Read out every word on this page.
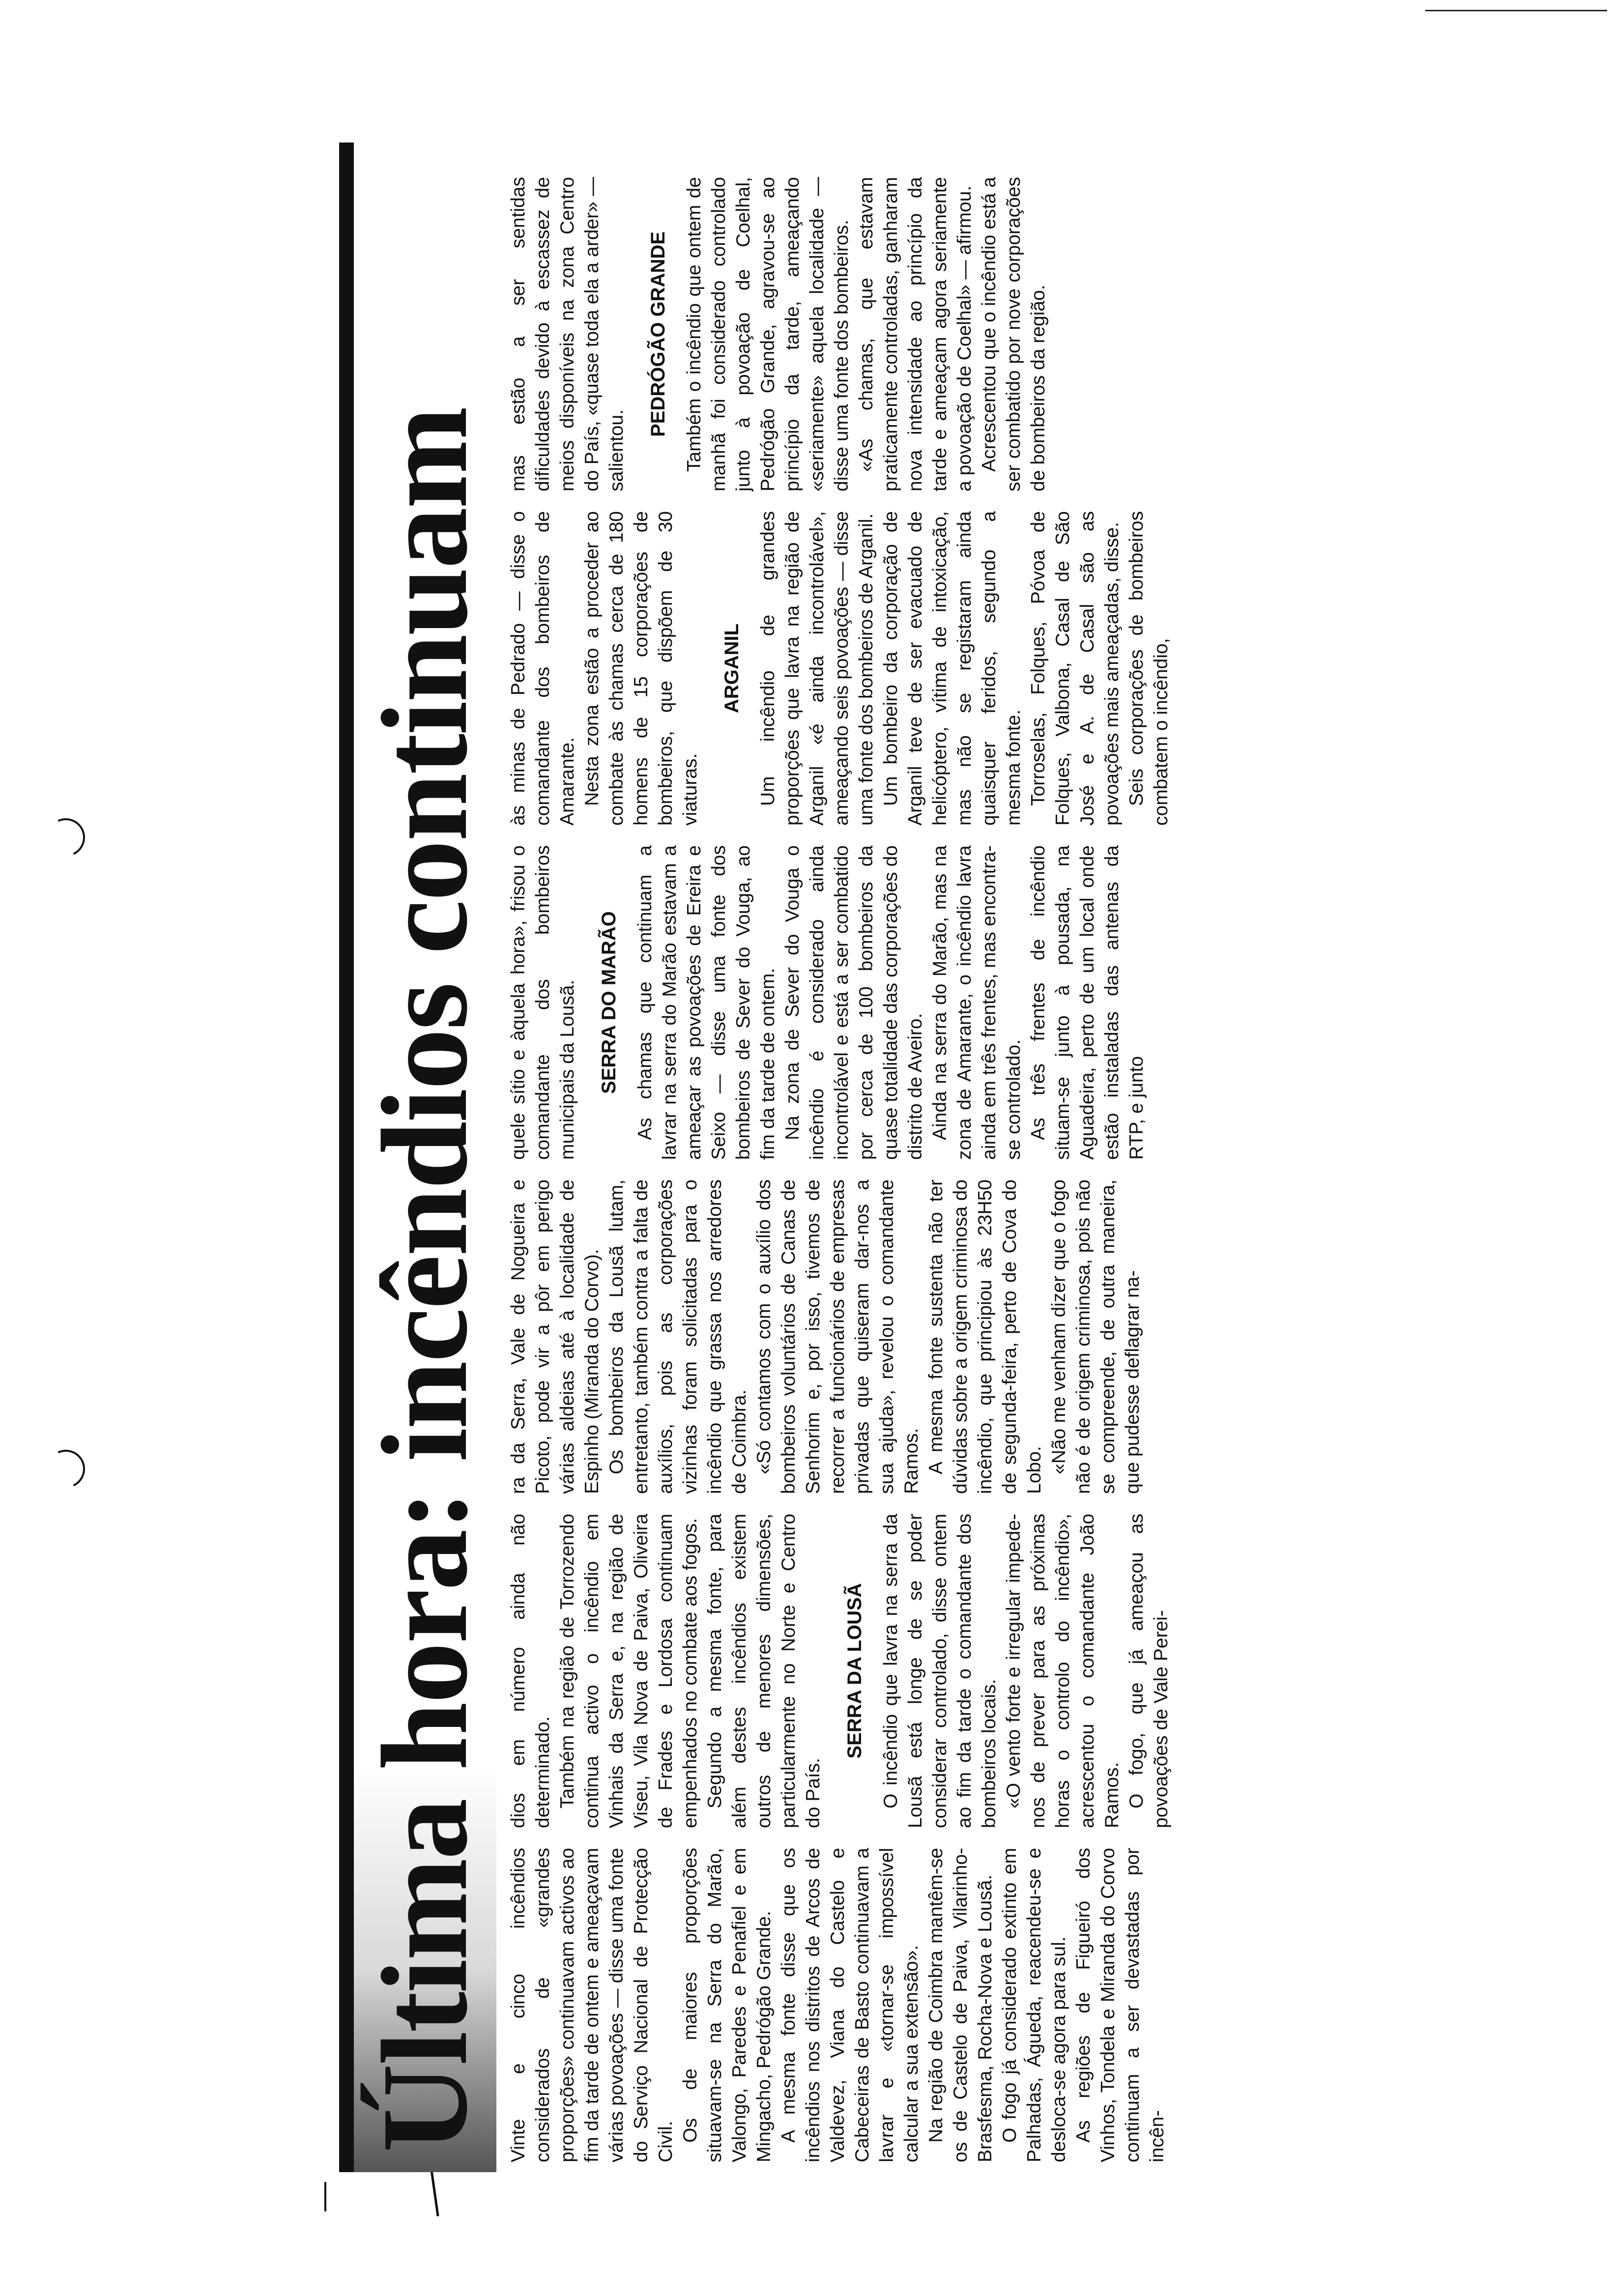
Última hora: incêndios continuam Vinte e cinco incêndios considerados de «grandes proporções» continuavam activos ao fim da tarde de ontem e ameaçavam várias povoações — disse uma fonte do Serviço Nacional de Protecção Civil. Os de maiores proporções situavam-se na Serra do Marão, Valongo, Paredes e Penafiel e em Mingacho, Pedrógão Grande. A mesma fonte disse que os incêndios nos distritos de Arcos de Valdevez, Viana do Castelo e Cabeceiras de Basto continuavam a lavrar e «tornar-se impossível calcular a sua extensão». Na região de Coimbra mantêm-se os de Castelo de Paiva, Vilarinho-Brasfesma, Rocha-Nova e Lousã. O fogo já considerado extinto em Palhadas, Águeda, reacendeu-se e desloca-se agora para sul. As regiões de Figueiró dos Vinhos, Tondela e Miranda do Corvo continuam a ser devastadas por incên-

dios em número ainda não determinado. Também na região de Torrozendo continua activo o incêndio em Vinhais da Serra e, na região de Viseu, Vila Nova de Paiva, Oliveira de Frades e Lordosa continuam empenhados no combate aos fogos. Segundo a mesma fonte, para além destes incêndios existem outros de menores dimensões, particularmente no Norte e Centro do País.

SERRA DA LOUSÃ O incêndio que lavra na serra da Lousã está longe de se poder considerar controlado, disse ontem ao fim da tarde o comandante dos bombeiros locais. «O vento forte e irregular impede-nos de prever para as próximas horas o controlo do incêndio», acrescentou o comandante João Ramos. O fogo, que já ameaçou as povoações de Vale Perei-

ra da Serra, Vale de Nogueira e Picoto, pode vir a pôr em perigo várias aldeias até à localidade de Espinho (Miranda do Corvo). Os bombeiros da Lousã lutam, entretanto, também contra a falta de auxílios, pois as corporações vizinhas foram solicitadas para o incêndio que grassa nos arredores de Coimbra. «Só contamos com o auxílio dos bombeiros voluntários de Canas de Senhorim e, por isso, tivemos de recorrer a funcionários de empresas privadas que quiseram dar-nos a sua ajuda», revelou o comandante Ramos. A mesma fonte sustenta não ter dúvidas sobre a origem criminosa do incêndio, que principiou às 23H50 de segunda-feira, perto de Cova do Lobo. «Não me venham dizer que o fogo não é de origem criminosa, pois não se compreende, de outra maneira, que pudesse deflagrar na-

quele sítio e àquela hora», frisou o comandante dos bombeiros municipais da Lousã. SERRA DO MARÃO As chamas que continuam a lavrar na serra do Marão estavam a ameaçar as povoações de Ereira e Seixo — disse uma fonte dos bombeiros de Sever do Vouga, ao fim da tarde de ontem. Na zona de Sever do Vouga o incêndio é considerado ainda incontrolável e está a ser combatido por cerca de 100 bombeiros da quase totalidade das corporações do distrito de Aveiro. Ainda na serra do Marão, mas na zona de Amarante, o incêndio lavra ainda em três frentes, mas encontra-se controlado. As três frentes de incêndio situam-se junto à pousada, na Aguadeira, perto de um local onde estão instaladas das antenas da RTP, e junto

às minas de Pedrado — disse o comandante dos bombeiros de Amarante. Nesta zona estão a proceder ao combate às chamas cerca de 180 homens de 15 corporações de bombeiros, que dispõem de 30 viaturas.

ARGANIL Um incêndio de grandes proporções que lavra na região de Arganil «é ainda incontrolável», ameaçando seis povoações — disse uma fonte dos bombeiros de Arganil. Um bombeiro da corporação de Arganil teve de ser evacuado de helicóptero, vítima de intoxicação, mas não se registaram ainda quaisquer feridos, segundo a mesma fonte. Torroselas, Folques, Póvoa de Folques, Valbona, Casal de São José e A. de Casal são as povoações mais ameaçadas, disse. Seis corporações de bombeiros combatem o incêndio,

mas estão a ser sentidas dificuldades devido à escassez de meios disponíveis na zona Centro do País, «quase toda ela a arder» — salientou.

PEDRÓGÃO GRANDE Também o incêndio que ontem de manhã foi considerado controlado junto à povoação de Coelhal, Pedrógão Grande, agravou-se ao princípio da tarde, ameaçando «seriamente» aquela localidade — disse uma fonte dos bombeiros. «As chamas, que estavam praticamente controladas, ganharam nova intensidade ao princípio da tarde e ameaçam agora seriamente a povoação de Coelhal» — afirmou. Acrescentou que o incêndio está a ser combatido por nove corporações de bombeiros da região.
